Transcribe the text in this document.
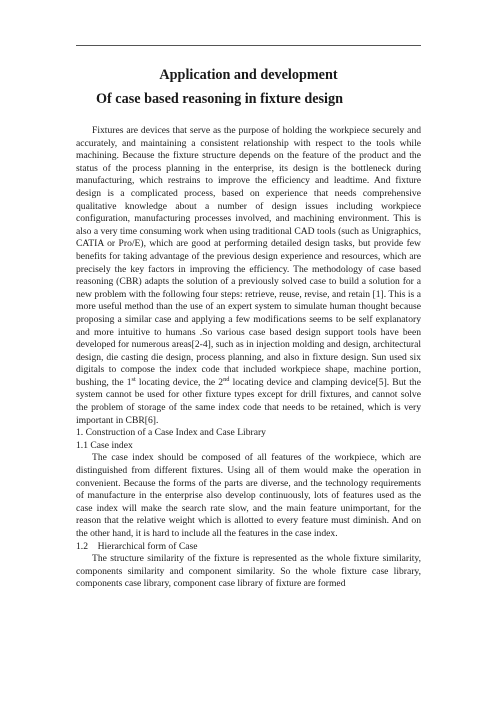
Application and development
Of case based reasoning in fixture design

Fixtures are devices that serve as the purpose of holding the workpiece securely and accurately, and maintaining a consistent relationship with respect to the tools while machining. Because the fixture structure depends on the feature of the product and the status of the process planning in the enterprise, its design is the bottleneck during manufacturing, which restrains to improve the efficiency and leadtime. And fixture design is a complicated process, based on experience that needs comprehensive qualitative knowledge about a number of design issues including workpiece configuration, manufacturing processes involved, and machining environment. This is also a very time consuming work when using traditional CAD tools (such as Unigraphics, CATIA or Pro/E), which are good at performing detailed design tasks, but provide few benefits for taking advantage of the previous design experience and resources, which are precisely the key factors in improving the efficiency. The methodology of case based reasoning (CBR) adapts the solution of a previously solved case to build a solution for a new problem with the following four steps: retrieve, reuse, revise, and retain [1]. This is a more useful method than the use of an expert system to simulate human thought because proposing a similar case and applying a few modifications seems to be self explanatory and more intuitive to humans .So various case based design support tools have been developed for numerous areas[2-4], such as in injection molding and design, architectural design, die casting die design, process planning, and also in fixture design. Sun used six digitals to compose the index code that included workpiece shape, machine portion, bushing, the 1st locating device, the 2nd locating device and clamping device[5]. But the system cannot be used for other fixture types except for drill fixtures, and cannot solve the problem of storage of the same index code that needs to be retained, which is very important in CBR[6].

1. Construction of a Case Index and Case Library

1.1 Case index

The case index should be composed of all features of the workpiece, which are distinguished from different fixtures. Using all of them would make the operation in convenient. Because the forms of the parts are diverse, and the technology requirements of manufacture in the enterprise also develop continuously, lots of features used as the case index will make the search rate slow, and the main feature unimportant, for the reason that the relative weight which is allotted to every feature must diminish. And on the other hand, it is hard to include all the features in the case index.

1.2    Hierarchical form of Case

The structure similarity of the fixture is represented as the whole fixture similarity, components similarity and component similarity. So the whole fixture case library, components case library, component case library of fixture are formed
